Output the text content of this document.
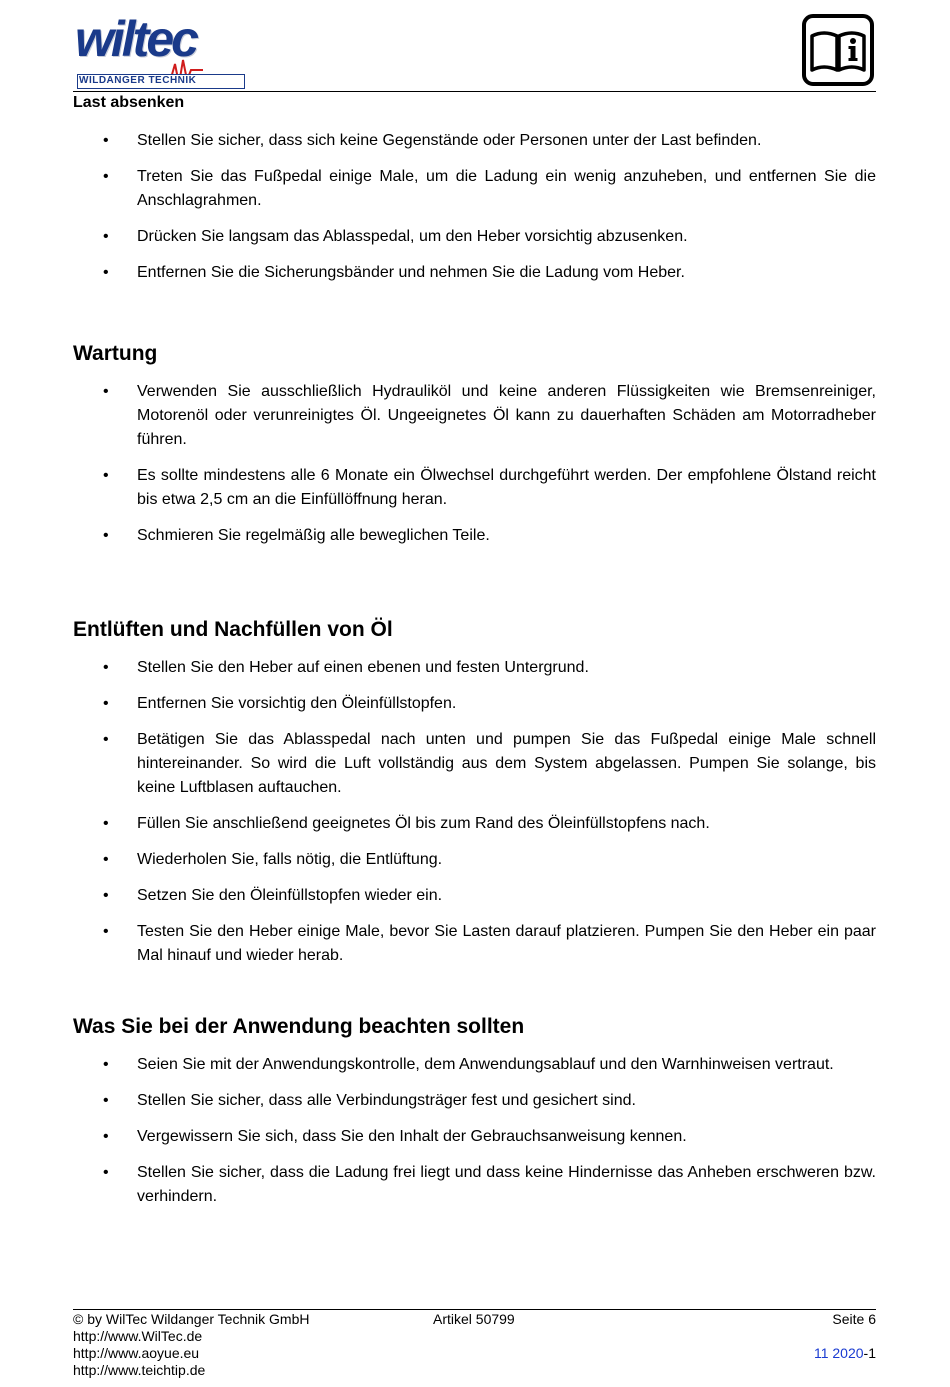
wiltec
WILDANGER TECHNIK
Last absenken
• Stellen Sie sicher, dass sich keine Gegenstände oder Personen unter der Last befinden.
• Treten Sie das Fußpedal einige Male, um die Ladung ein wenig anzuheben, und entfernen Sie die Anschlagrahmen.
• Drücken Sie langsam das Ablasspedal, um den Heber vorsichtig abzusenken.
• Entfernen Sie die Sicherungsbänder und nehmen Sie die Ladung vom Heber.
Wartung
• Verwenden Sie ausschließlich Hydrauliköl und keine anderen Flüssigkeiten wie Bremsenreiniger, Motorenöl oder verunreinigtes Öl. Ungeeignetes Öl kann zu dauerhaften Schäden am Motorradheber führen.
• Es sollte mindestens alle 6 Monate ein Ölwechsel durchgeführt werden. Der empfohlene Ölstand reicht bis etwa 2,5 cm an die Einfüllöffnung heran.
• Schmieren Sie regelmäßig alle beweglichen Teile.
Entlüften und Nachfüllen von Öl
• Stellen Sie den Heber auf einen ebenen und festen Untergrund.
• Entfernen Sie vorsichtig den Öleinfüllstopfen.
• Betätigen Sie das Ablasspedal nach unten und pumpen Sie das Fußpedal einige Male schnell hintereinander. So wird die Luft vollständig aus dem System abgelassen. Pumpen Sie solange, bis keine Luftblasen auftauchen.
• Füllen Sie anschließend geeignetes Öl bis zum Rand des Öleinfüllstopfens nach.
• Wiederholen Sie, falls nötig, die Entlüftung.
• Setzen Sie den Öleinfüllstopfen wieder ein.
• Testen Sie den Heber einige Male, bevor Sie Lasten darauf platzieren. Pumpen Sie den Heber ein paar Mal hinauf und wieder herab.
Was Sie bei der Anwendung beachten sollten
• Seien Sie mit der Anwendungskontrolle, dem Anwendungsablauf und den Warnhinweisen vertraut.
• Stellen Sie sicher, dass alle Verbindungsträger fest und gesichert sind.
• Vergewissern Sie sich, dass Sie den Inhalt der Gebrauchsanweisung kennen.
• Stellen Sie sicher, dass die Ladung frei liegt und dass keine Hindernisse das Anheben erschweren bzw. verhindern.
© by WilTec Wildanger Technik GmbH
http://www.WilTec.de
http://www.aoyue.eu
http://www.teichtip.de
Artikel 50799	Seite 6
11 2020-1
